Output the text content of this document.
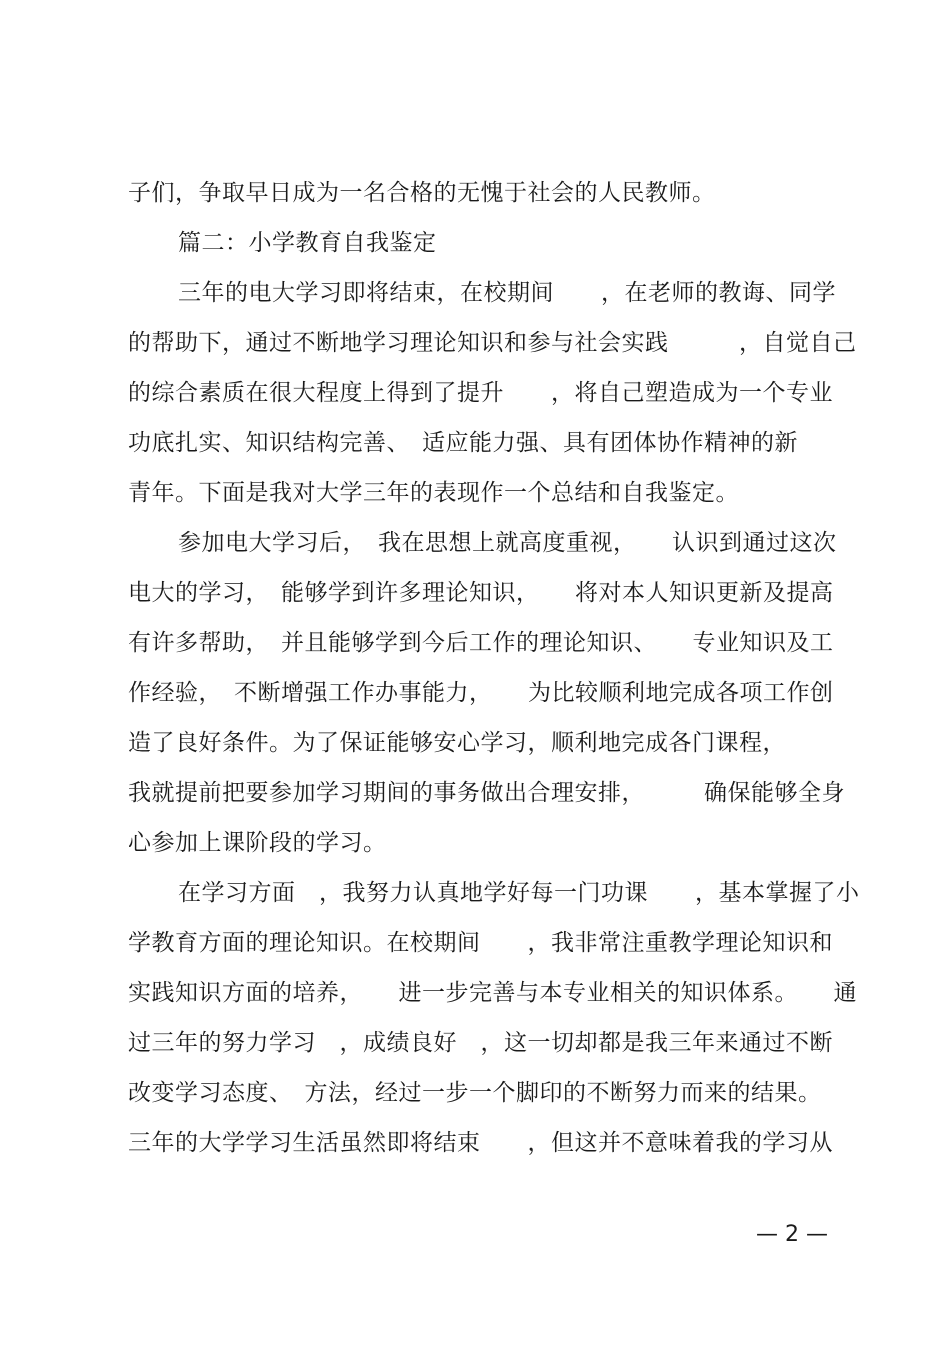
子们，争取早日成为一名合格的无愧于社会的人民教师。
篇二：小学教育自我鉴定
三年的电大学习即将结束，在校期间　　，在老师的教诲、同学
的帮助下，通过不断地学习理论知识和参与社会实践　　　，自觉自己
的综合素质在很大程度上得到了提升　　，将自己塑造成为一个专业
功底扎实、知识结构完善、　适应能力强、具有团体协作精神的新
青年。下面是我对大学三年的表现作一个总结和自我鉴定。
参加电大学习后，　我在思想上就高度重视，　　认识到通过这次
电大的学习，　能够学到许多理论知识，　　将对本人知识更新及提高
有许多帮助，　并且能够学到今后工作的理论知识、　　专业知识及工
作经验，　不断增强工作办事能力，　　为比较顺利地完成各项工作创
造了良好条件。为了保证能够安心学习，顺利地完成各门课程，
我就提前把要参加学习期间的事务做出合理安排，　　　确保能够全身
心参加上课阶段的学习。
在学习方面　，我努力认真地学好每一门功课　　，基本掌握了小
学教育方面的理论知识。在校期间　　，我非常注重教学理论知识和
实践知识方面的培养，　　进一步完善与本专业相关的知识体系。　　通
过三年的努力学习　，成绩良好　，这一切却都是我三年来通过不断
改变学习态度、　方法，经过一步一个脚印的不断努力而来的结果。
三年的大学学习生活虽然即将结束　　，但这并不意味着我的学习从
— 2 —
